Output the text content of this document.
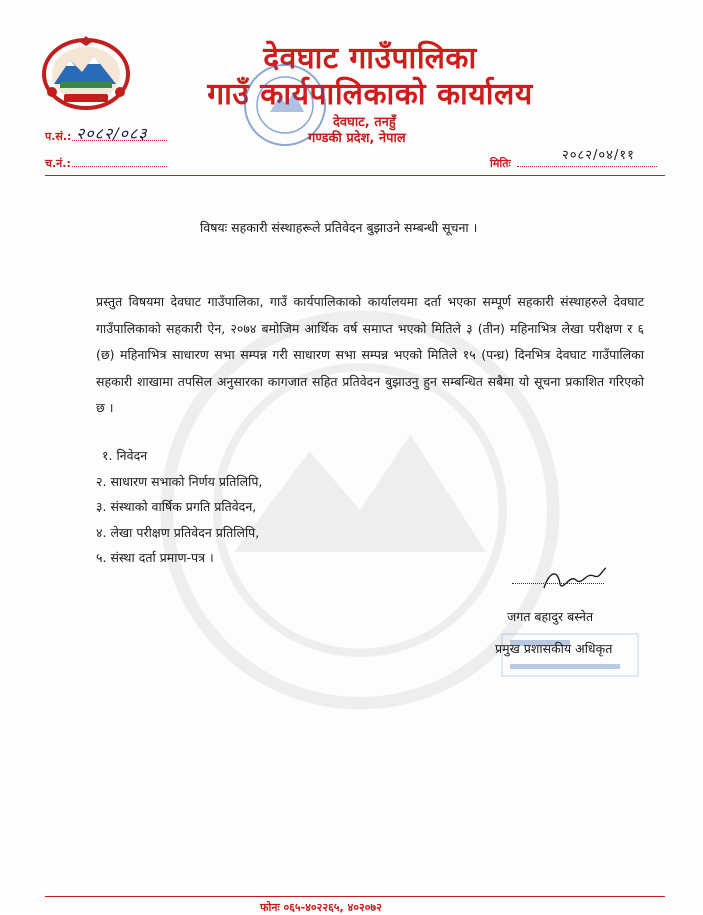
देवघाट गाउँपालिका
गाउँ कार्यपालिकाको कार्यालय
देवघाट, तनहुँ
गण्डकी प्रदेश, नेपाल
प.सं.: २०८२/०८३
च.नं.:	मितिः
२०८२/०४/११
विषयः सहकारी संस्थाहरूले प्रतिवेदन बुझाउने सम्बन्धी सूचना ।
प्रस्तुत विषयमा देवघाट गाउँपालिका, गाउँ कार्यपालिकाको कार्यालयमा दर्ता भएका सम्पूर्ण सहकारी संस्थाहरुले देवघाट गाउँपालिकाको सहकारी ऐन, २०७४ बमोजिम आर्थिक वर्ष समाप्त भएको मितिले ३ (तीन) महिनाभित्र लेखा परीक्षण र ६ (छ) महिनाभित्र साधारण सभा सम्पन्न गरी साधारण सभा सम्पन्न भएको मितिले १५ (पन्ध्र) दिनभित्र देवघाट गाउँपालिका सहकारी शाखामा तपसिल अनुसारका कागजात सहित प्रतिवेदन बुझाउनु हुन सम्बन्धित सबैमा यो सूचना प्रकाशित गरिएको छ ।
१. निवेदन
२. साधारण सभाको निर्णय प्रतिलिपि,
३. संस्थाको वार्षिक प्रगति प्रतिवेदन,
४. लेखा परीक्षण प्रतिवेदन प्रतिलिपि,
५. संस्था दर्ता प्रमाण-पत्र ।
जगत बहादुर बस्नेत
प्रमुख प्रशासकीय अधिकृत
फोनः ०६५-४०२२६५, ४०२०७२
